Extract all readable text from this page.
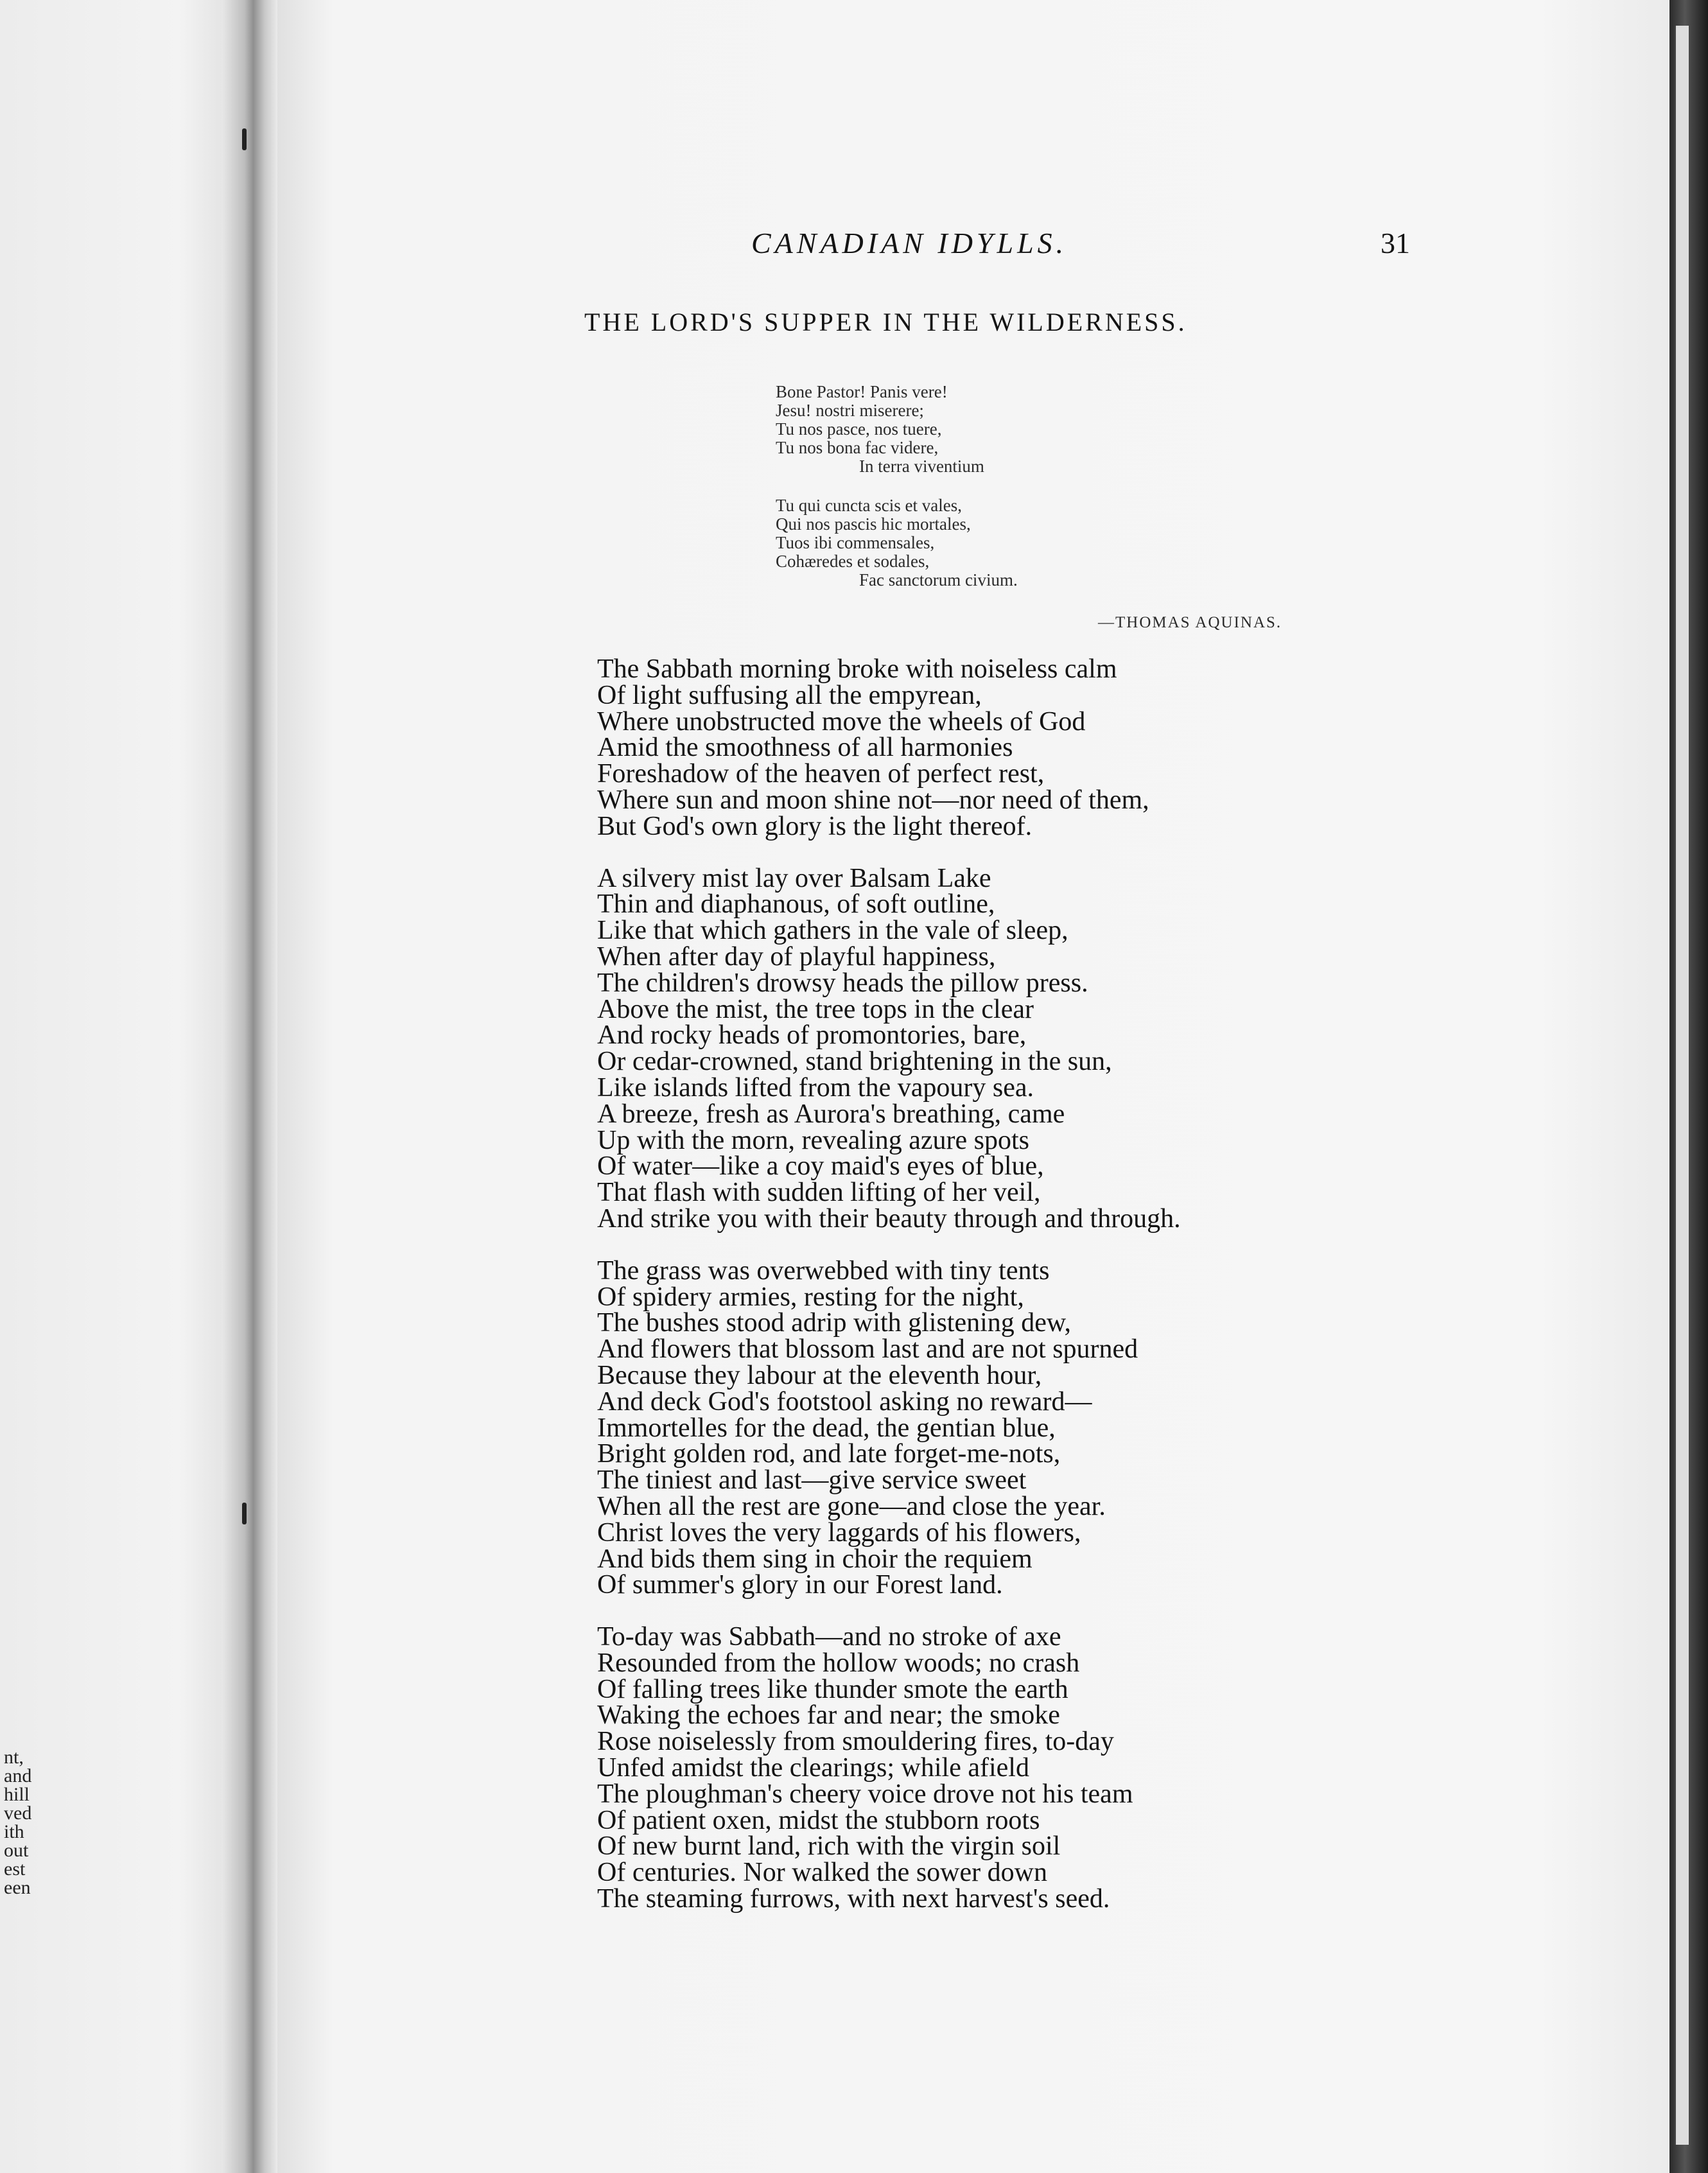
nt,
and
hill
ved
ith
out
est
een
CANADIAN IDYLLS.	31
THE LORD'S SUPPER IN THE WILDERNESS.
Bone Pastor! Panis vere!
Jesu! nostri miserere;
Tu nos pasce, nos tuere,
Tu nos bona fac videre,
In terra viventium
Tu qui cuncta scis et vales,
Qui nos pascis hic mortales,
Tuos ibi commensales,
Cohæredes et sodales,
Fac sanctorum civium.
—THOMAS AQUINAS.
The Sabbath morning broke with noiseless calm
Of light suffusing all the empyrean,
Where unobstructed move the wheels of God
Amid the smoothness of all harmonies
Foreshadow of the heaven of perfect rest,
Where sun and moon shine not—nor need of them,
But God's own glory is the light thereof.
A silvery mist lay over Balsam Lake
Thin and diaphanous, of soft outline,
Like that which gathers in the vale of sleep,
When after day of playful happiness,
The children's drowsy heads the pillow press.
Above the mist, the tree tops in the clear
And rocky heads of promontories, bare,
Or cedar-crowned, stand brightening in the sun,
Like islands lifted from the vapoury sea.
A breeze, fresh as Aurora's breathing, came
Up with the morn, revealing azure spots
Of water—like a coy maid's eyes of blue,
That flash with sudden lifting of her veil,
And strike you with their beauty through and through.
The grass was overwebbed with tiny tents
Of spidery armies, resting for the night,
The bushes stood adrip with glistening dew,
And flowers that blossom last and are not spurned
Because they labour at the eleventh hour,
And deck God's footstool asking no reward—
Immortelles for the dead, the gentian blue,
Bright golden rod, and late forget-me-nots,
The tiniest and last—give service sweet
When all the rest are gone—and close the year.
Christ loves the very laggards of his flowers,
And bids them sing in choir the requiem
Of summer's glory in our Forest land.
To-day was Sabbath—and no stroke of axe
Resounded from the hollow woods; no crash
Of falling trees like thunder smote the earth
Waking the echoes far and near; the smoke
Rose noiselessly from smouldering fires, to-day
Unfed amidst the clearings; while afield
The ploughman's cheery voice drove not his team
Of patient oxen, midst the stubborn roots
Of new burnt land, rich with the virgin soil
Of centuries. Nor walked the sower down
The steaming furrows, with next harvest's seed.
